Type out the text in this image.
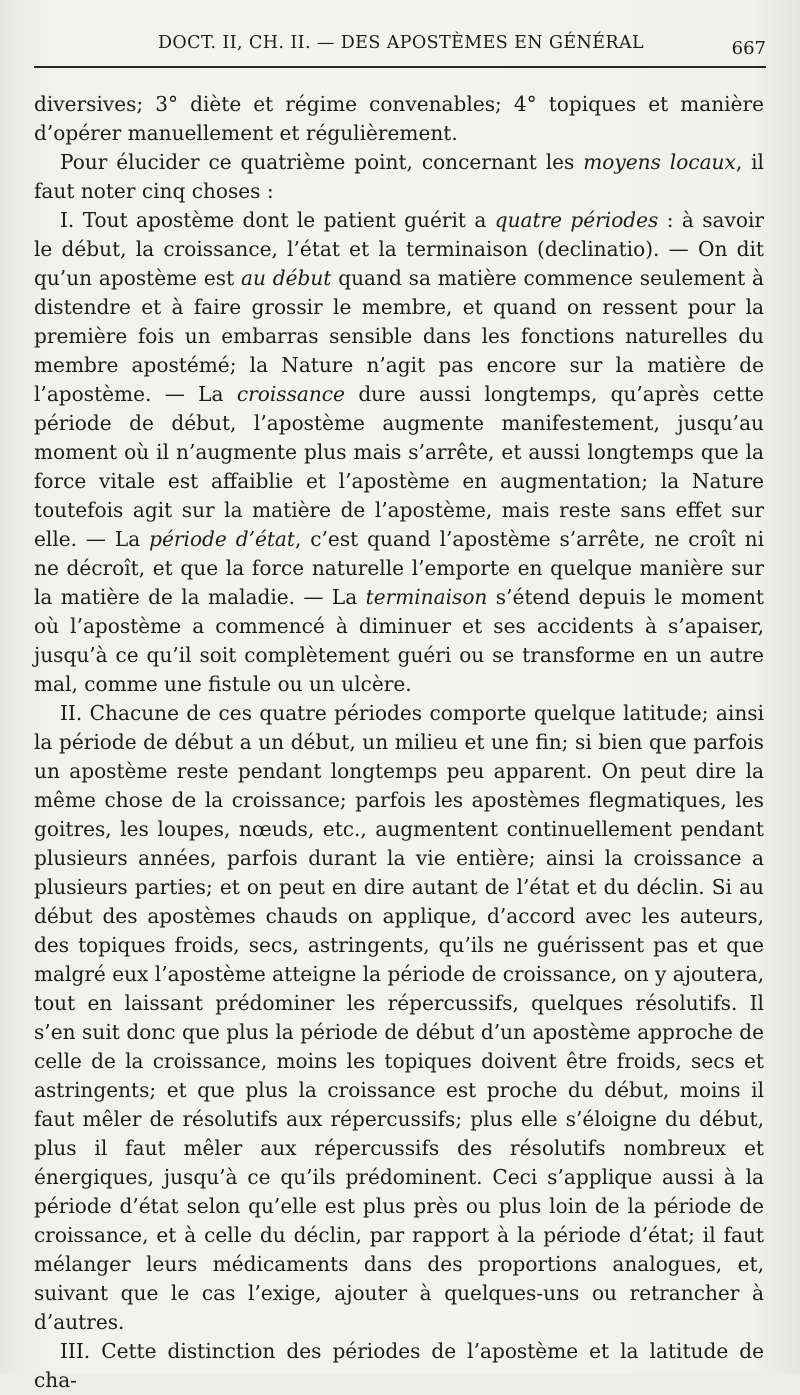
DOCT. II, CH. II. — DES APOSTÈMES EN GÉNÉRAL	667

diversives; 3° diète et régime convenables; 4° topiques et manière d’opérer manuellement et régulièrement.

Pour élucider ce quatrième point, concernant les moyens locaux, il faut noter cinq choses :

I. Tout apostème dont le patient guérit a quatre périodes : à savoir le début, la croissance, l’état et la terminaison (declinatio). — On dit qu’un apostème est au début quand sa matière commence seulement à distendre et à faire grossir le membre, et quand on ressent pour la première fois un embarras sensible dans les fonctions naturelles du membre apostémé; la Nature n’agit pas encore sur la matière de l’apostème. — La croissance dure aussi longtemps, qu’après cette période de début, l’apostème augmente manifestement, jusqu’au moment où il n’augmente plus mais s’arrête, et aussi longtemps que la force vitale est affaiblie et l’apostème en augmentation; la Nature toutefois agit sur la matière de l’apostème, mais reste sans effet sur elle. — La période d’état, c’est quand l’apostème s’arrête, ne croît ni ne décroît, et que la force naturelle l’emporte en quelque manière sur la matière de la maladie. — La terminaison s’étend depuis le moment où l’apostème a commencé à diminuer et ses accidents à s’apaiser, jusqu’à ce qu’il soit complètement guéri ou se transforme en un autre mal, comme une fistule ou un ulcère.

II. Chacune de ces quatre périodes comporte quelque latitude; ainsi la période de début a un début, un milieu et une fin; si bien que parfois un apostème reste pendant longtemps peu apparent. On peut dire la même chose de la croissance; parfois les apostèmes flegmatiques, les goitres, les loupes, nœuds, etc., augmentent continuellement pendant plusieurs années, parfois durant la vie entière; ainsi la croissance a plusieurs parties; et on peut en dire autant de l’état et du déclin. Si au début des apostèmes chauds on applique, d’accord avec les auteurs, des topiques froids, secs, astringents, qu’ils ne guérissent pas et que malgré eux l’apostème atteigne la période de croissance, on y ajoutera, tout en laissant prédominer les répercussifs, quelques résolutifs. Il s’en suit donc que plus la période de début d’un apostème approche de celle de la croissance, moins les topiques doivent être froids, secs et astringents; et que plus la croissance est proche du début, moins il faut mêler de résolutifs aux répercussifs; plus elle s’éloigne du début, plus il faut mêler aux répercussifs des résolutifs nombreux et énergiques, jusqu’à ce qu’ils prédominent. Ceci s’applique aussi à la période d’état selon qu’elle est plus près ou plus loin de la période de croissance, et à celle du déclin, par rapport à la période d’état; il faut mélanger leurs médicaments dans des proportions analogues, et, suivant que le cas l’exige, ajouter à quelques-uns ou retrancher à d’autres.

III. Cette distinction des périodes de l’apostème et la latitude de cha-
